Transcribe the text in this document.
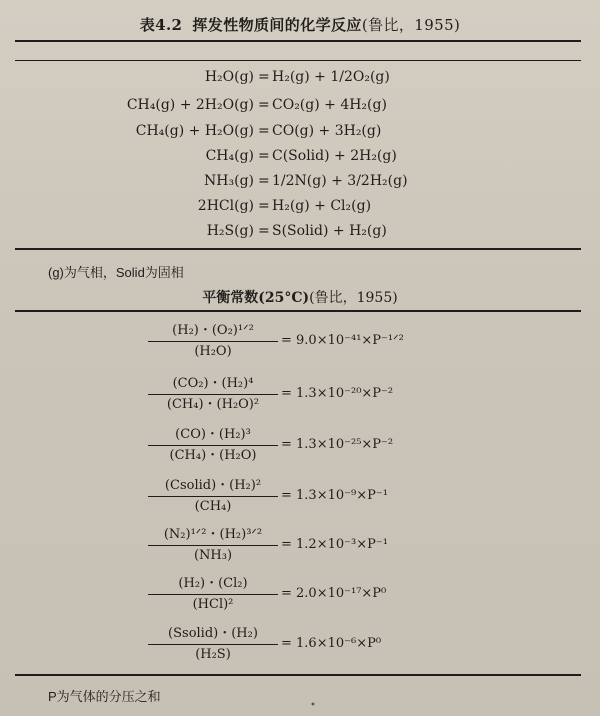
表4.2 挥发性物质间的化学反应(鲁比，1955)
H₂O(g) = H₂(g) + 1/2O₂(g)
CH₄(g) + 2H₂O(g) = CO₂(g) + 4H₂(g)
CH₄(g) + H₂O(g) = CO(g) + 3H₂(g)
CH₄(g) = C(Solid) + 2H₂(g)
NH₃(g) = 1/2N(g) + 3/2H₂(g)
2HCl(g) = H₂(g) + Cl₂(g)
H₂S(g) = S(Solid) + H₂(g)
(g)为气相，Solid为固相
平衡常数(25°C)(鲁比，1955)
(H₂)・(O₂)¹ᐟ²
(H₂O)
= 9.0×10⁻⁴¹×P⁻¹ᐟ²
(CO₂)・(H₂)⁴
(CH₄)・(H₂O)²
= 1.3×10⁻²⁰×P⁻²
(CO)・(H₂)³
(CH₄)・(H₂O)
= 1.3×10⁻²⁵×P⁻²
(Csolid)・(H₂)²
(CH₄)
= 1.3×10⁻⁹×P⁻¹
(N₂)¹ᐟ²・(H₂)³ᐟ²
(NH₃)
= 1.2×10⁻³×P⁻¹
(H₂)・(Cl₂)
(HCl)²
= 2.0×10⁻¹⁷×P⁰
(Ssolid)・(H₂)
(H₂S)
= 1.6×10⁻⁶×P⁰
P为气体的分压之和
•
